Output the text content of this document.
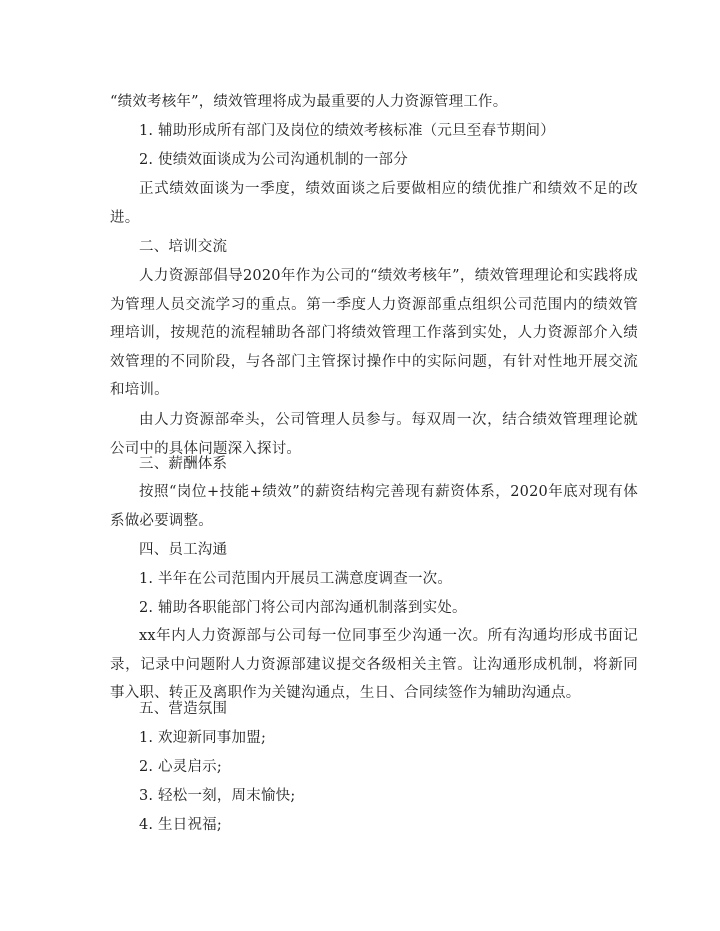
“绩效考核年”，绩效管理将成为最重要的人力资源管理工作。

1. 辅助形成所有部门及岗位的绩效考核标准（元旦至春节期间）

2. 使绩效面谈成为公司沟通机制的一部分

正式绩效面谈为一季度，绩效面谈之后要做相应的绩优推广和绩效不足的改进。

二、培训交流

人力资源部倡导2020年作为公司的“绩效考核年”，绩效管理理论和实践将成为管理人员交流学习的重点。第一季度人力资源部重点组织公司范围内的绩效管理培训，按规范的流程辅助各部门将绩效管理工作落到实处，人力资源部介入绩效管理的不同阶段，与各部门主管探讨操作中的实际问题，有针对性地开展交流和培训。

由人力资源部牵头，公司管理人员参与。每双周一次，结合绩效管理理论就公司中的具体问题深入探讨。

三、薪酬体系

按照“岗位+技能+绩效”的薪资结构完善现有薪资体系，2020年底对现有体系做必要调整。

四、员工沟通

1. 半年在公司范围内开展员工满意度调查一次。

2. 辅助各职能部门将公司内部沟通机制落到实处。

xx年内人力资源部与公司每一位同事至少沟通一次。所有沟通均形成书面记录，记录中问题附人力资源部建议提交各级相关主管。让沟通形成机制，将新同事入职、转正及离职作为关键沟通点，生日、合同续签作为辅助沟通点。

五、营造氛围

1. 欢迎新同事加盟;

2. 心灵启示;

3. 轻松一刻，周末愉快;

4. 生日祝福;
